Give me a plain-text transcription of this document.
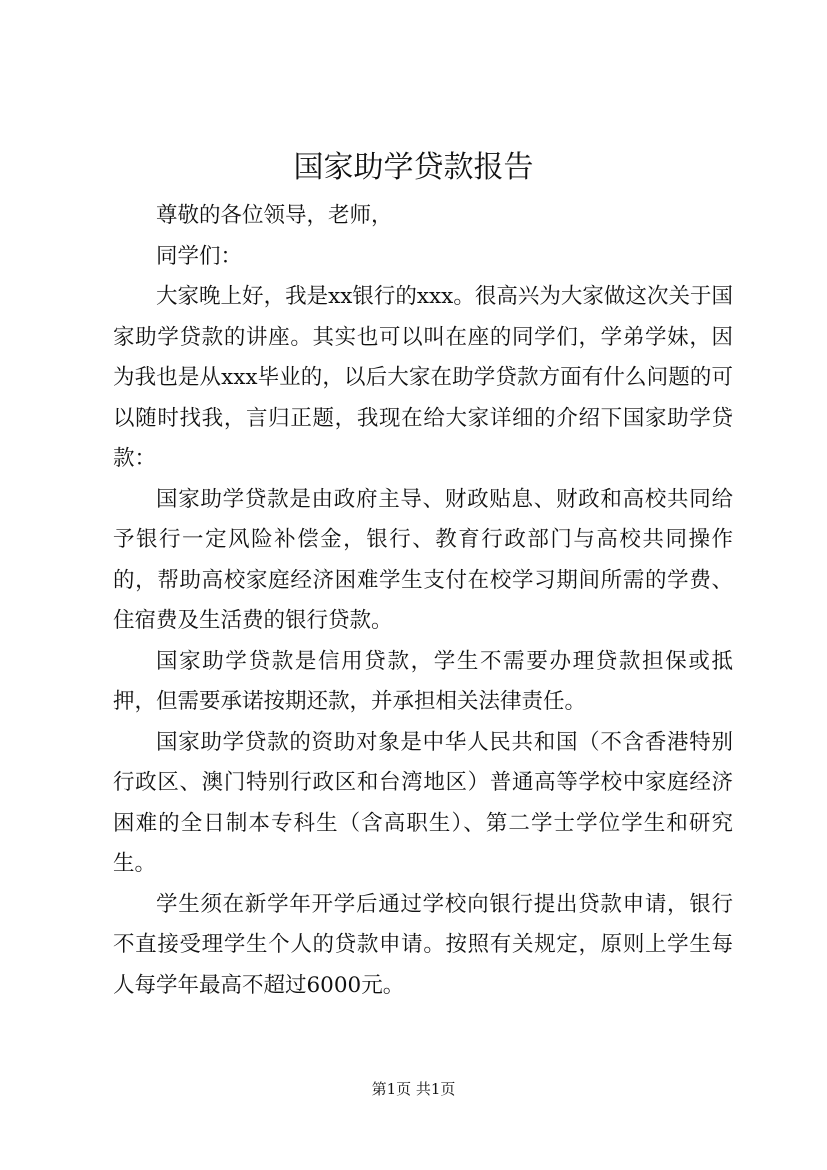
国家助学贷款报告

尊敬的各位领导，老师，

同学们：

大家晚上好，我是xx银行的xxx。很高兴为大家做这次关于国家助学贷款的讲座。其实也可以叫在座的同学们，学弟学妹，因为我也是从xxx毕业的，以后大家在助学贷款方面有什么问题的可以随时找我，言归正题，我现在给大家详细的介绍下国家助学贷款：

国家助学贷款是由政府主导、财政贴息、财政和高校共同给予银行一定风险补偿金，银行、教育行政部门与高校共同操作的，帮助高校家庭经济困难学生支付在校学习期间所需的学费、住宿费及生活费的银行贷款。

国家助学贷款是信用贷款，学生不需要办理贷款担保或抵押，但需要承诺按期还款，并承担相关法律责任。

国家助学贷款的资助对象是中华人民共和国（不含香港特别行政区、澳门特别行政区和台湾地区）普通高等学校中家庭经济困难的全日制本专科生（含高职生）、第二学士学位学生和研究生。

学生须在新学年开学后通过学校向银行提出贷款申请，银行不直接受理学生个人的贷款申请。按照有关规定，原则上学生每人每学年最高不超过6000元。

第1页 共1页
